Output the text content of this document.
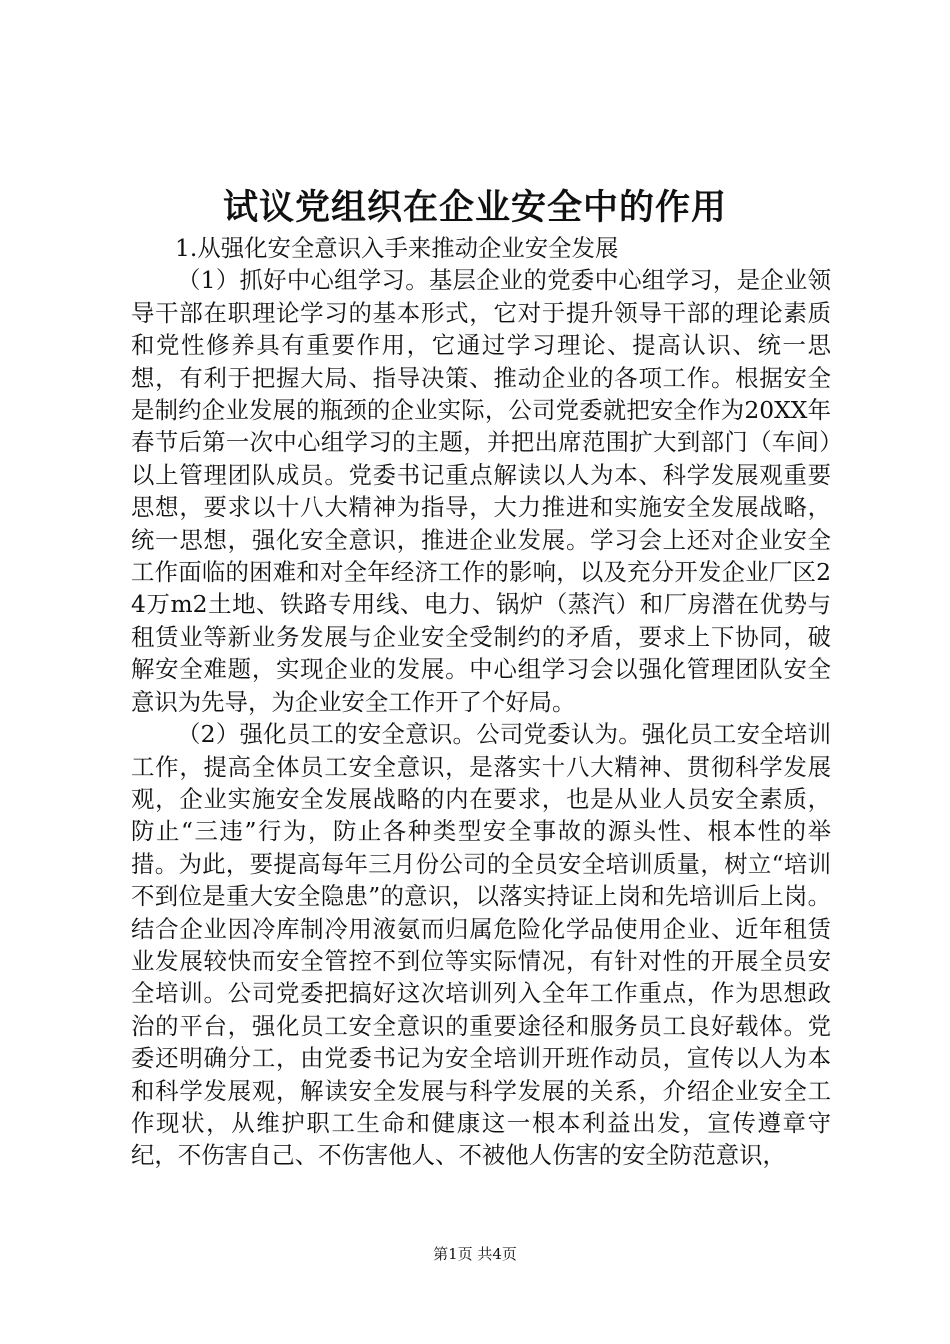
试议党组织在企业安全中的作用

1.从强化安全意识入手来推动企业安全发展

（1）抓好中心组学习。基层企业的党委中心组学习，是企业领导干部在职理论学习的基本形式，它对于提升领导干部的理论素质和党性修养具有重要作用，它通过学习理论、提高认识、统一思想，有利于把握大局、指导决策、推动企业的各项工作。根据安全是制约企业发展的瓶颈的企业实际，公司党委就把安全作为20XX年春节后第一次中心组学习的主题，并把出席范围扩大到部门（车间）以上管理团队成员。党委书记重点解读以人为本、科学发展观重要思想，要求以十八大精神为指导，大力推进和实施安全发展战略，统一思想，强化安全意识，推进企业发展。学习会上还对企业安全工作面临的困难和对全年经济工作的影响，以及充分开发企业厂区24万m2土地、铁路专用线、电力、锅炉（蒸汽）和厂房潜在优势与租赁业等新业务发展与企业安全受制约的矛盾，要求上下协同，破解安全难题，实现企业的发展。中心组学习会以强化管理团队安全意识为先导，为企业安全工作开了个好局。

（2）强化员工的安全意识。公司党委认为。强化员工安全培训工作，提高全体员工安全意识，是落实十八大精神、贯彻科学发展观，企业实施安全发展战略的内在要求，也是从业人员安全素质，防止“三违”行为，防止各种类型安全事故的源头性、根本性的举措。为此，要提高每年三月份公司的全员安全培训质量，树立“培训不到位是重大安全隐患”的意识，以落实持证上岗和先培训后上岗。结合企业因冷库制冷用液氨而归属危险化学品使用企业、近年租赁业发展较快而安全管控不到位等实际情况，有针对性的开展全员安全培训。公司党委把搞好这次培训列入全年工作重点，作为思想政治的平台，强化员工安全意识的重要途径和服务员工良好载体。党委还明确分工，由党委书记为安全培训开班作动员，宣传以人为本和科学发展观，解读安全发展与科学发展的关系，介绍企业安全工作现状，从维护职工生命和健康这一根本利益出发，宣传遵章守纪，不伤害自己、不伤害他人、不被他人伤害的安全防范意识，

第1页 共4页
